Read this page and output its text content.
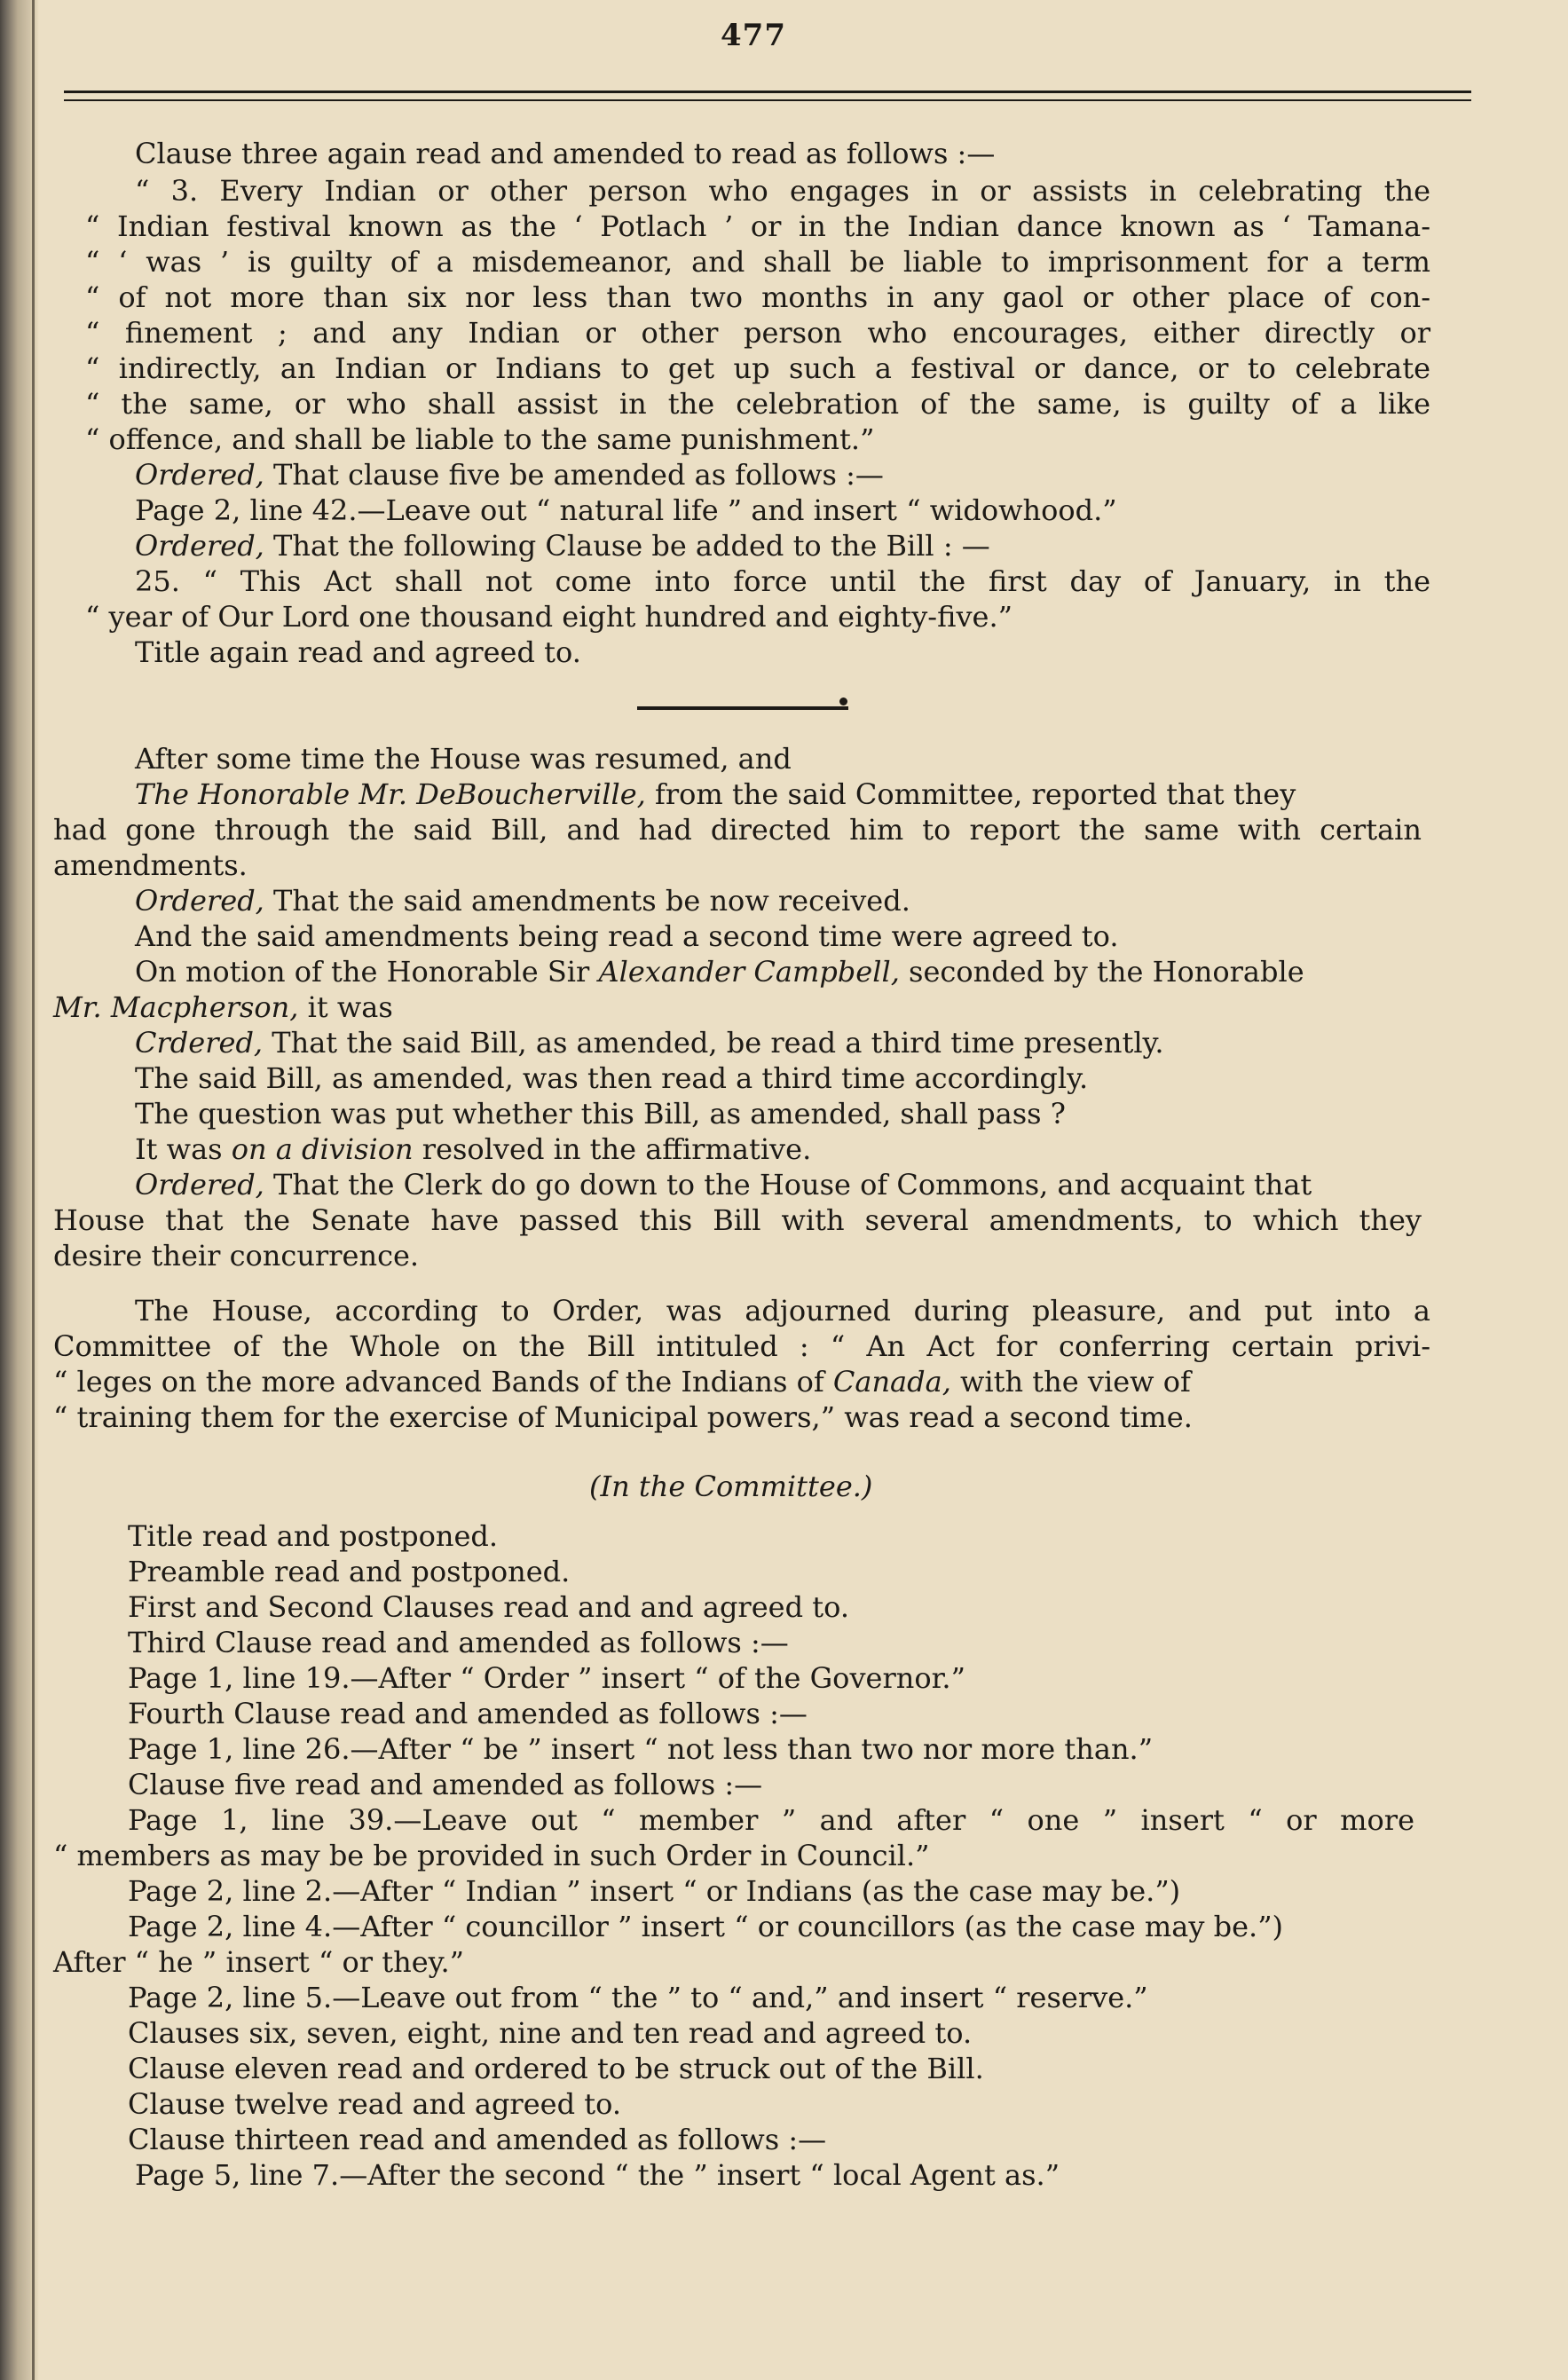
477
Clause three again read and amended to read as follows :—
“ 3. Every Indian or other person who engages in or assists in celebrating the
“ Indian festival known as the ‘ Potlach ’ or in the Indian dance known as ‘ Tamana-
“ ‘ was ’ is guilty of a misdemeanor, and shall be liable to imprisonment for a term
“ of not more than six nor less than two months in any gaol or other place of con-
“ finement ; and any Indian or other person who encourages, either directly or
“ indirectly, an Indian or Indians to get up such a festival or dance, or to celebrate
“ the same, or who shall assist in the celebration of the same, is guilty of a like
“ offence, and shall be liable to the same punishment.”
Ordered, That clause five be amended as follows :—
Page 2, line 42.—Leave out “ natural life ” and insert “ widowhood.”
Ordered, That the following Clause be added to the Bill : —
25. “ This Act shall not come into force until the first day of January, in the
“ year of Our Lord one thousand eight hundred and eighty-five.”
Title again read and agreed to.
After some time the House was resumed, and
The Honorable Mr. DeBoucherville, from the said Committee, reported that they
had gone through the said Bill, and had directed him to report the same with certain
amendments.
Ordered, That the said amendments be now received.
And the said amendments being read a second time were agreed to.
On motion of the Honorable Sir Alexander Campbell, seconded by the Honorable
Mr. Macpherson, it was
Crdered, That the said Bill, as amended, be read a third time presently.
The said Bill, as amended, was then read a third time accordingly.
The question was put whether this Bill, as amended, shall pass ?
It was on a division resolved in the affirmative.
Ordered, That the Clerk do go down to the House of Commons, and acquaint that
House that the Senate have passed this Bill with several amendments, to which they
desire their concurrence.
The House, according to Order, was adjourned during pleasure, and put into a
Committee of the Whole on the Bill intituled : “ An Act for conferring certain privi-
“ leges on the more advanced Bands of the Indians of Canada, with the view of
“ training them for the exercise of Municipal powers,” was read a second time.
(In the Committee.)
Title read and postponed.
Preamble read and postponed.
First and Second Clauses read and and agreed to.
Third Clause read and amended as follows :—
Page 1, line 19.—After “ Order ” insert “ of the Governor.”
Fourth Clause read and amended as follows :—
Page 1, line 26.—After “ be ” insert “ not less than two nor more than.”
Clause five read and amended as follows :—
Page 1, line 39.—Leave out “ member ” and after “ one ” insert “ or more
“ members as may be be provided in such Order in Council.”
Page 2, line 2.—After “ Indian ” insert “ or Indians (as the case may be.”)
Page 2, line 4.—After “ councillor ” insert “ or councillors (as the case may be.”)
After “ he ” insert “ or they.”
Page 2, line 5.—Leave out from “ the ” to “ and,” and insert “ reserve.”
Clauses six, seven, eight, nine and ten read and agreed to.
Clause eleven read and ordered to be struck out of the Bill.
Clause twelve read and agreed to.
Clause thirteen read and amended as follows :—
Page 5, line 7.—After the second “ the ” insert “ local Agent as.”
